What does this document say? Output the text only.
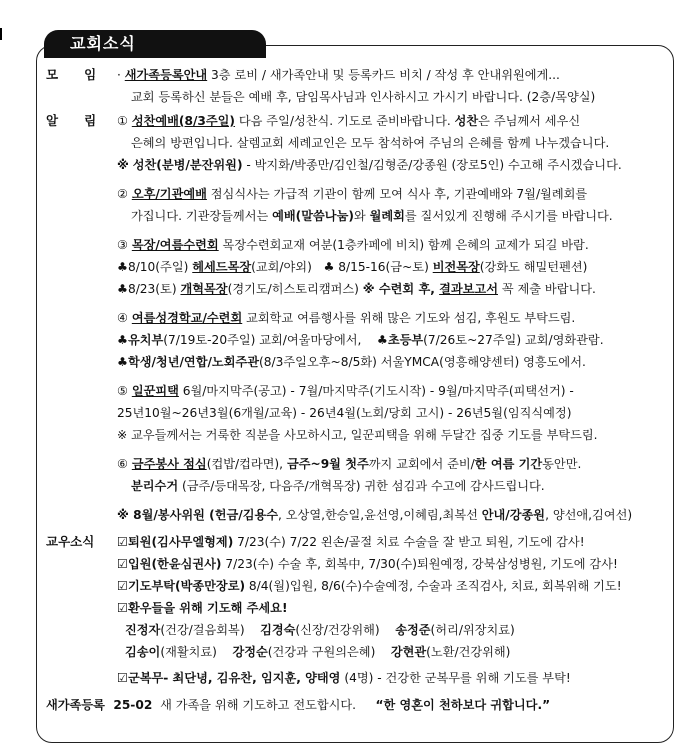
교회소식
모      임 · 새가족등록안내 3층 로비 / 새가족안내 및 등록카드 비치 / 작성 후 안내위원에게...
교회 등록하신 분들은 예배 후, 담임목사님과 인사하시고 가시기 바랍니다. (2층/목양실)
알      림 ① 성찬예배(8/3주일) 다음 주일/성찬식. 기도로 준비바랍니다. 성찬은 주님께서 세우신
은혜의 방편입니다. 살렘교회 세례교인은 모두 참석하여 주님의 은혜를 함께 나누겠습니다.
※ 성찬(분병/분잔위원) - 박지화/박종만/김인철/김형준/강종원 (장로5인) 수고해 주시겠습니다.
② 오후/기관예배 점심식사는 가급적 기관이 함께 모여 식사 후, 기관예배와 7월/월례회를
가집니다. 기관장들께서는 예배(말씀나눔)와 월례회를 질서있게 진행해 주시기를 바랍니다.
③ 목장/여름수련회 목장수련회교재 여분(1층카페에 비치) 함께 은혜의 교제가 되길 바람.
♣8/10(주일) 헤세드목장(교회/야외)   ♣ 8/15-16(금~토) 비전목장(강화도 해밀턴펜션)
♣8/23(토) 개혁목장(경기도/히스토리캠퍼스) ※ 수련회 후, 결과보고서 꼭 제출 바랍니다.
④ 여름성경학교/수련회 교회학교 여름행사를 위해 많은 기도와 섬김, 후원도 부탁드림.
♣유치부(7/19토-20주일) 교회/여울마당에서,    ♣초등부(7/26토~27주일) 교회/영화관람.
♣학생/청년/연합/노회주관(8/3주일오후~8/5화) 서울YMCA(영흥해양센터) 영흥도에서.
⑤ 일꾼피택 6월/마지막주(공고) - 7월/마지막주(기도시작) - 9월/마지막주(피택선거) -
25년10월~26년3월(6개월/교육) - 26년4월(노회/당회 고시) - 26년5월(임직식예정)
※ 교우들께서는 거룩한 직분을 사모하시고, 일꾼피택을 위해 두달간 집중 기도를 부탁드림.
⑥ 금주봉사 점심(컵밥/컵라면), 금주~9월 첫주까지 교회에서 준비/한 여름 기간동안만.
분리수거 (금주/등대목장, 다음주/개혁목장) 귀한 섬김과 수고에 감사드립니다.
※ 8월/봉사위원 (헌금/김용수, 오상열,한승일,윤선영,이혜림,최복선 안내/강종원, 양선애,김여선)
교우소식 ☑퇴원(김사무엘형제) 7/23(수) 7/22 왼손/골절 치료 수술을 잘 받고 퇴원, 기도에 감사!
☑입원(한윤심권사) 7/23(수) 수술 후, 회복中, 7/30(수)퇴원예정, 강북삼성병원, 기도에 감사!
☑기도부탁(박종만장로) 8/4(월)입원, 8/6(수)수술예정, 수술과 조직검사, 치료, 회복위해 기도!
☑환우들을 위해 기도해 주세요!
진정자(건강/걸음회복) 김경숙(신장/건강위해) 송정준(허리/위장치료)
김송이(재활치료) 강정순(건강과 구원의은혜) 강현관(노환/건강위해)
☑군복무- 최단녕, 김유찬, 임지훈, 양태영 (4명) - 건강한 군복무를 위해 기도를 부탁!
새가족등록  25-02  새 가족을 위해 기도하고 전도합시다.     “한 영혼이 천하보다 귀합니다.”
